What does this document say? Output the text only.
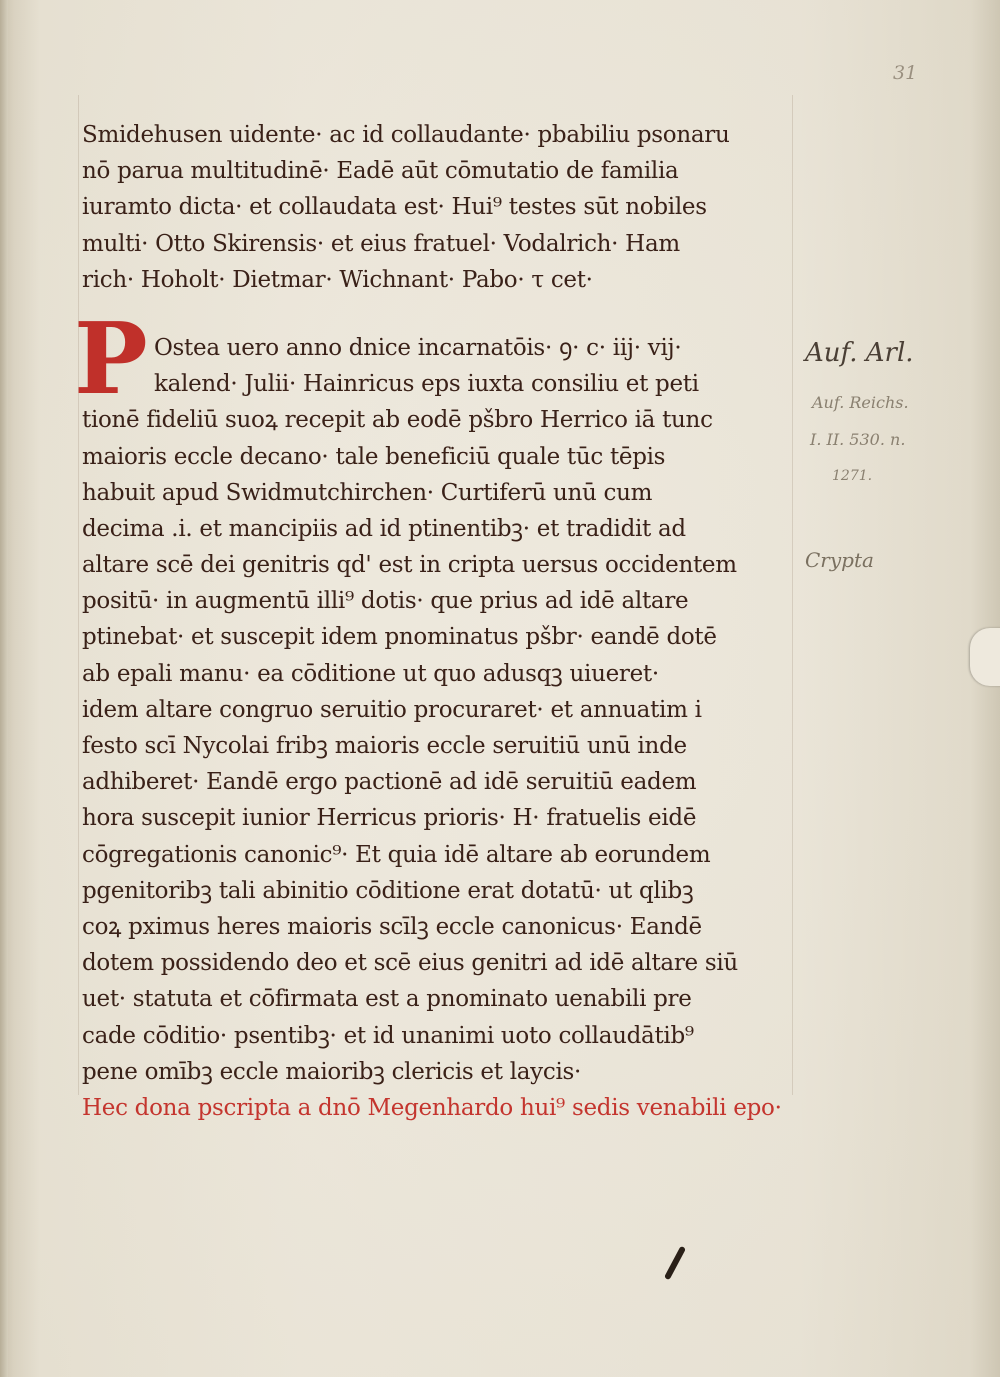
31
P
Smidehusen uidente· ac id collaudante· pbabiliu psonaru
nō parua multitudinē· Eadē aūt cōmutatio de familia
iuramto dicta· et collaudata est· Hui⁹ testes sūt nobiles
multi· Otto Skirensis· et eius fratuel· Vodalrich· Ham
rich· Hoholt· Dietmar· Wichnant· Pabo· τ cet·
Ostea uero anno dnice incarnatōis· ꝯ· c· iij· vij·
kalend· Julii· Hainricus eps iuxta consiliu et peti
tionē fideliū suoꝝ recepit ab eodē pšbro Herrico iā tunc
maioris eccle decano· tale beneficiū quale tūc tēpis
habuit apud Swidmutchirchen· Curtiferū unū cum
decima .i. et mancipiis ad id ptinentibꝫ· et tradidit ad
altare scē dei genitris qd' est in cripta uersus occidentem
positū· in augmentū illi⁹ dotis· que prius ad idē altare
ptinebat· et suscepit idem pnominatus pšbr· eandē dotē
ab epali manu· ea cōditione ut quo adusqꝫ uiueret·
idem altare congruo seruitio procuraret· et annuatim i
festo scī Nycolai fribꝫ maioris eccle seruitiū unū inde
adhiberet· Eandē ergo pactionē ad idē seruitiū eadem
hora suscepit iunior Herricus prioris· H· fratuelis eidē
cōgregationis canonic⁹· Et quia idē altare ab eorundem
pgenitoribꝫ tali abinitio cōditione erat dotatū· ut qlibꝫ
coꝝ pximus heres maioris scīlꝫ eccle canonicus· Eandē
dotem possidendo deo et scē eius genitri ad idē altare siū
uet· statuta et cōfirmata est a pnominato uenabili pre
cade cōditio· psentibꝫ· et id unanimi uoto collaudātib⁹
pene omībꝫ eccle maioribꝫ clericis et laycis·
Hec dona pscripta a dnō Megenhardo hui⁹ sedis venabili epo·
Auf. Arl.
Auf. Reichs.
I. II. 530. n.
1271.
Crypta
